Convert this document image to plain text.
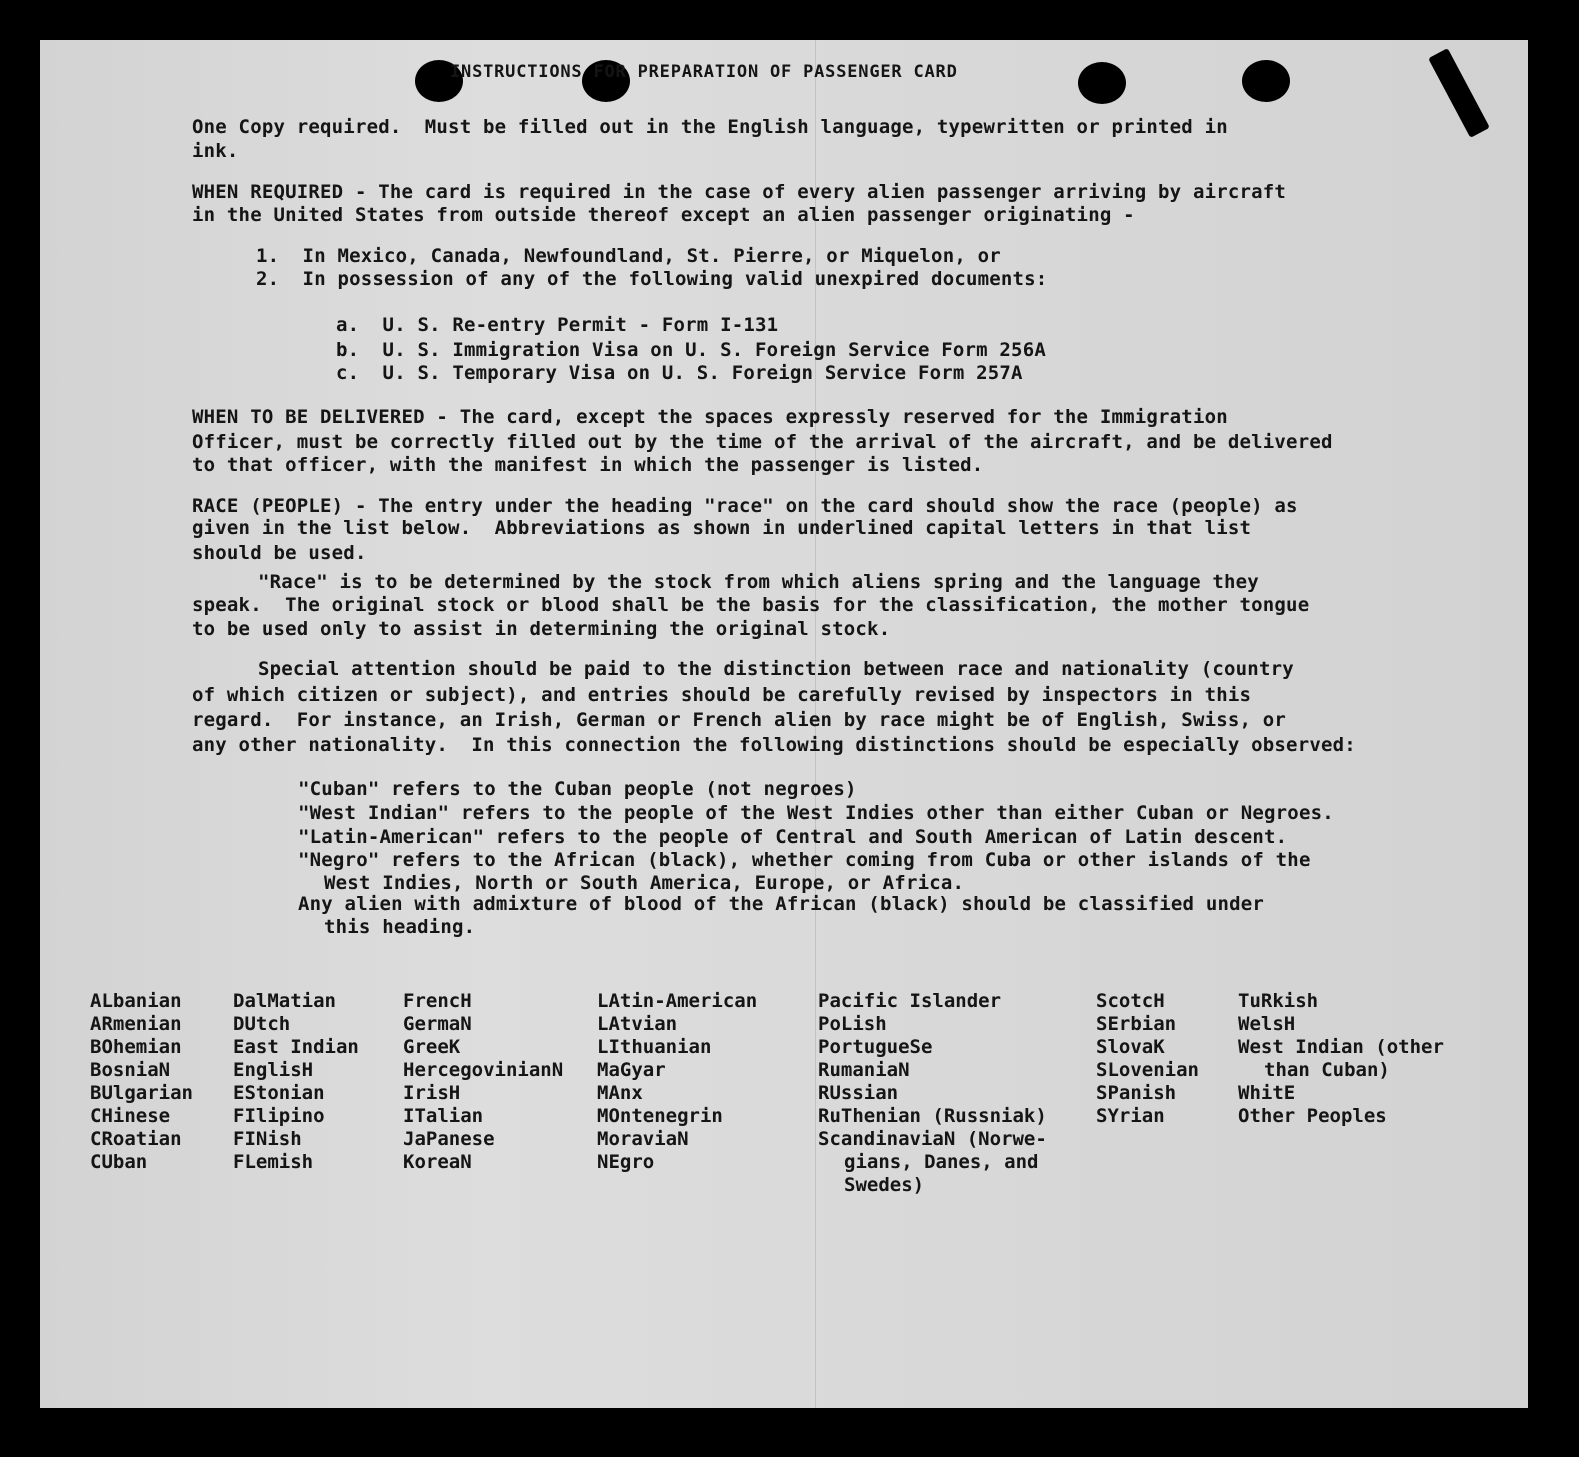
INSTRUCTIONS FOR PREPARATION OF PASSENGER CARD

One Copy required.  Must be filled out in the English language, typewritten or printed in

ink.

WHEN REQUIRED - The card is required in the case of every alien passenger arriving by aircraft

in the United States from outside thereof except an alien passenger originating -

1.  In Mexico, Canada, Newfoundland, St. Pierre, or Miquelon, or

2.  In possession of any of the following valid unexpired documents:

a.  U. S. Re-entry Permit - Form I-131

b.  U. S. Immigration Visa on U. S. Foreign Service Form 256A

c.  U. S. Temporary Visa on U. S. Foreign Service Form 257A

WHEN TO BE DELIVERED - The card, except the spaces expressly reserved for the Immigration

Officer, must be correctly filled out by the time of the arrival of the aircraft, and be delivered

to that officer, with the manifest in which the passenger is listed.

RACE (PEOPLE) - The entry under the heading "race" on the card should show the race (people) as

given in the list below.  Abbreviations as shown in underlined capital letters in that list

should be used.

"Race" is to be determined by the stock from which aliens spring and the language they

speak.  The original stock or blood shall be the basis for the classification, the mother tongue

to be used only to assist in determining the original stock.

Special attention should be paid to the distinction between race and nationality (country

of which citizen or subject), and entries should be carefully revised by inspectors in this

regard.  For instance, an Irish, German or French alien by race might be of English, Swiss, or

any other nationality.  In this connection the following distinctions should be especially observed:

"Cuban" refers to the Cuban people (not negroes)

"West Indian" refers to the people of the West Indies other than either Cuban or Negroes.

"Latin-American" refers to the people of Central and South American of Latin descent.

"Negro" refers to the African (black), whether coming from Cuba or other islands of the

West Indies, North or South America, Europe, or Africa.

Any alien with admixture of blood of the African (black) should be classified under

this heading.

ALbanian
ARmenian
BOhemian
BosniaN
BUlgarian
CHinese
CRoatian
CUban
DalMatian
DUtch
East Indian
EnglisH
EStonian
FIlipino
FINish
FLemish
FrencH
GermaN
GreeK
HercegovinianN
IrisH
ITalian
JaPanese
KoreaN
LAtin-American
LAtvian
LIthuanian
MaGyar
MAnx
MOntenegrin
MoraviaN
NEgro
Pacific Islander
PoLish
PortugueSe
RumaniaN
RUssian
RuThenian (Russniak)
ScandinaviaN (Norwe-
gians, Danes, and
Swedes)
ScotcH
SErbian
SlovaK
SLovenian
SPanish
SYrian
TuRkish
WelsH
West Indian (other
than Cuban)
WhitE
Other Peoples
